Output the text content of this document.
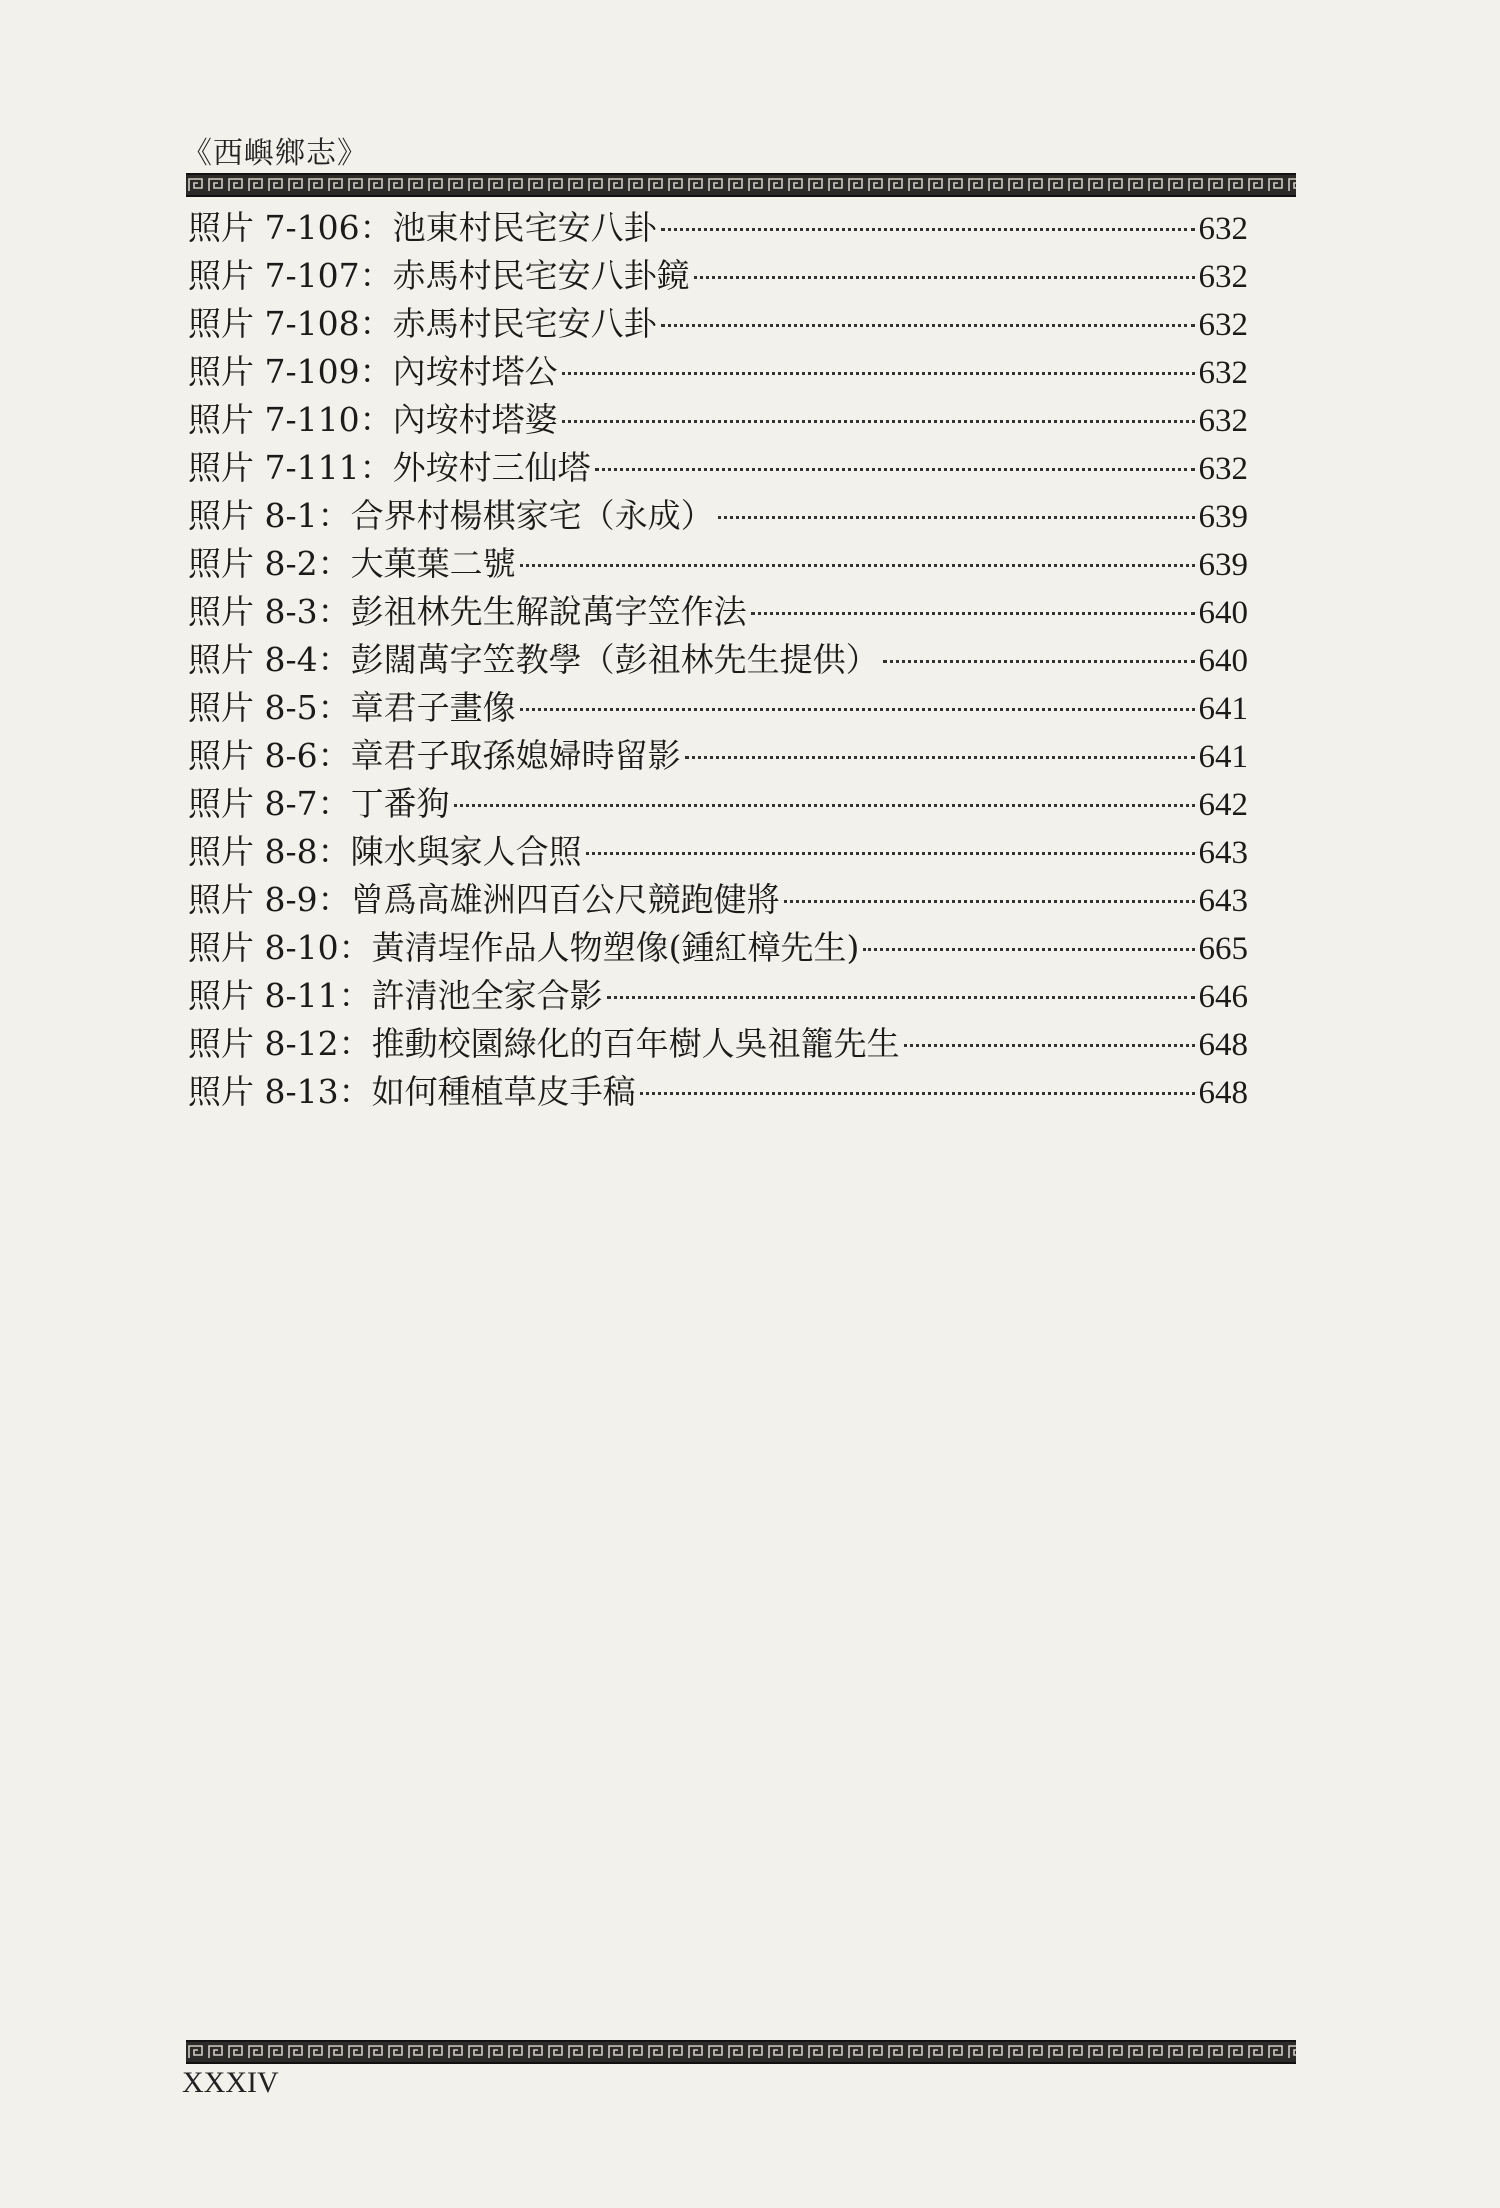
《西嶼鄉志》
照片 7-106：池東村民宅安八卦	632
照片 7-107：赤馬村民宅安八卦鏡	632
照片 7-108：赤馬村民宅安八卦	632
照片 7-109：內垵村塔公	632
照片 7-110：內垵村塔婆	632
照片 7-111：外垵村三仙塔	632
照片 8-1：合界村楊棋家宅（永成）	639
照片 8-2：大菓葉二號	639
照片 8-3：彭祖林先生解說萬字笠作法	640
照片 8-4：彭闊萬字笠教學（彭祖林先生提供）	640
照片 8-5：章君子畫像	641
照片 8-6：章君子取孫媳婦時留影	641
照片 8-7：丁番狗	642
照片 8-8：陳水與家人合照	643
照片 8-9：曾爲高雄洲四百公尺競跑健將	643
照片 8-10：黃清埕作品人物塑像(鍾紅樟先生)	665
照片 8-11：許清池全家合影	646
照片 8-12：推動校園綠化的百年樹人吳祖籠先生	648
照片 8-13：如何種植草皮手稿	648
XXXIV
